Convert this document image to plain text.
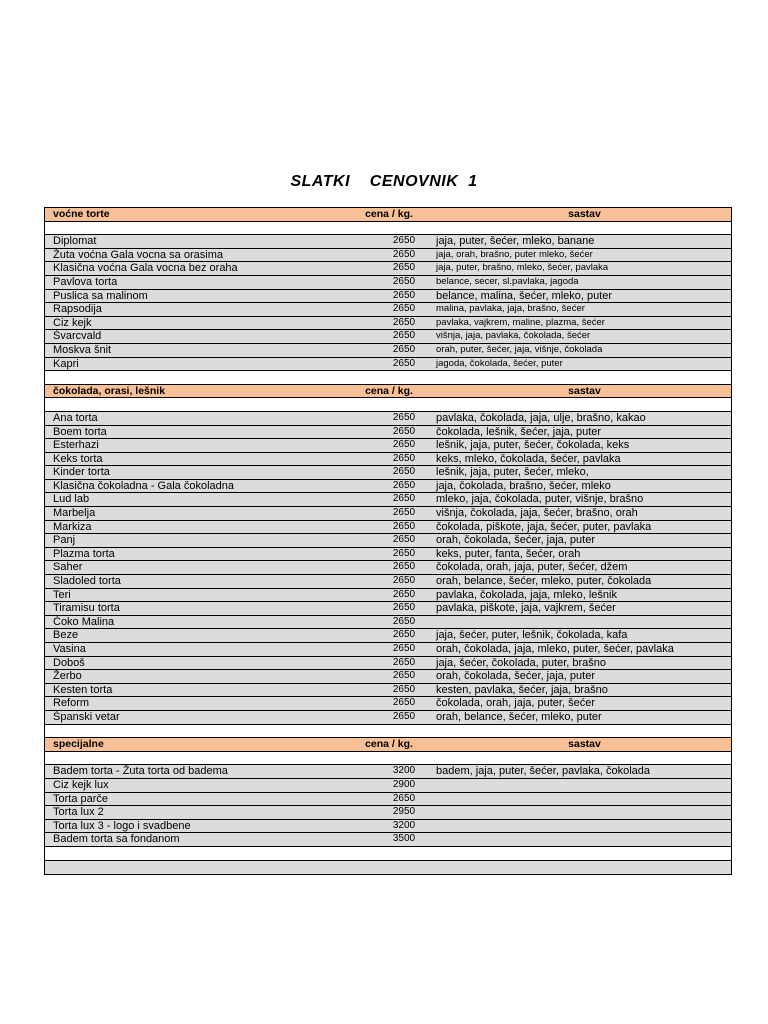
SLATKI    CENOVNIK  1
voćne torte	cena / kg.	sastav
Diplomat	2650 jaja, puter, šećer, mleko, banane
Žuta voćna Gala vocna sa orasima	2650 jaja, orah, brašno, puter mleko, šećer
Klasična voćna Gala vocna bez oraha	2650 jaja, puter, brašno, mleko, šećer, pavlaka
Pavlova torta	2650 belance, secer, sl.pavlaka, jagoda
Puslica sa malinom	2650 belance, malina, šećer, mleko, puter
Rapsodija	2650 malina, pavlaka, jaja, brašno, šećer
Ciz kejk	2650 pavlaka, vajkrem, maline, plazma, šećer
Švarcvald	2650 višnja, jaja, pavlaka, čokolada, šećer
Moskva šnit	2650 orah, puter, šećer, jaja, višnje, čokolada
Kapri	2650 jagoda, čokolada, šećer, puter
čokolada, orasi, lešnik	cena / kg.	sastav
Ana torta	2650 pavlaka, čokolada, jaja, ulje, brašno, kakao
Boem torta	2650 čokolada, lešnik, šećer, jaja, puter
Esterhazi	2650 lešnik, jaja, puter, šećer, čokolada, keks
Keks torta	2650 keks, mleko, čokolada, šećer, pavlaka
Kinder torta	2650 lešnik, jaja, puter, šećer, mleko,
Klasična čokoladna - Gala čokoladna	2650 jaja, čokolada, brašno, šećer, mleko
Lud lab	2650 mleko, jaja, čokolada, puter, višnje, brašno
Marbelja	2650 višnja, čokolada, jaja, šećer, brašno, orah
Markiza	2650 čokolada, piškote, jaja, šećer, puter, pavlaka
Panj	2650 orah, čokolada, šećer, jaja, puter
Plazma torta	2650 keks, puter, fanta, šećer, orah
Saher	2650 čokolada, orah, jaja, puter, šećer, džem
Sladoled torta	2650 orah, belance, šećer, mleko, puter, čokolada
Teri	2650 pavlaka, čokolada, jaja, mleko, lešnik
Tiramisu torta	2650 pavlaka, piškote, jaja, vajkrem, šećer
Čoko Malina	2650
Beze	2650 jaja, šećer, puter, lešnik, čokolada, kafa
Vasina	2650 orah, čokolada, jaja, mleko, puter, šećer, pavlaka
Doboš	2650 jaja, šećer, čokolada, puter, brašno
Žerbo	2650 orah, čokolada, šećer, jaja, puter
Kesten torta	2650 kesten, pavlaka, šećer, jaja, brašno
Reform	2650 čokolada, orah, jaja, puter, šećer
Španski vetar	2650 orah, belance, šećer, mleko, puter
specijalne	cena / kg.	sastav
Badem torta - Žuta torta od badema	3200 badem, jaja, puter, šećer, pavlaka, čokolada
Ciz kejk lux	2900
Torta parče	2650
Torta lux 2	2950
Torta lux 3 - logo i svadbene	3200
Badem torta sa fondanom	3500
